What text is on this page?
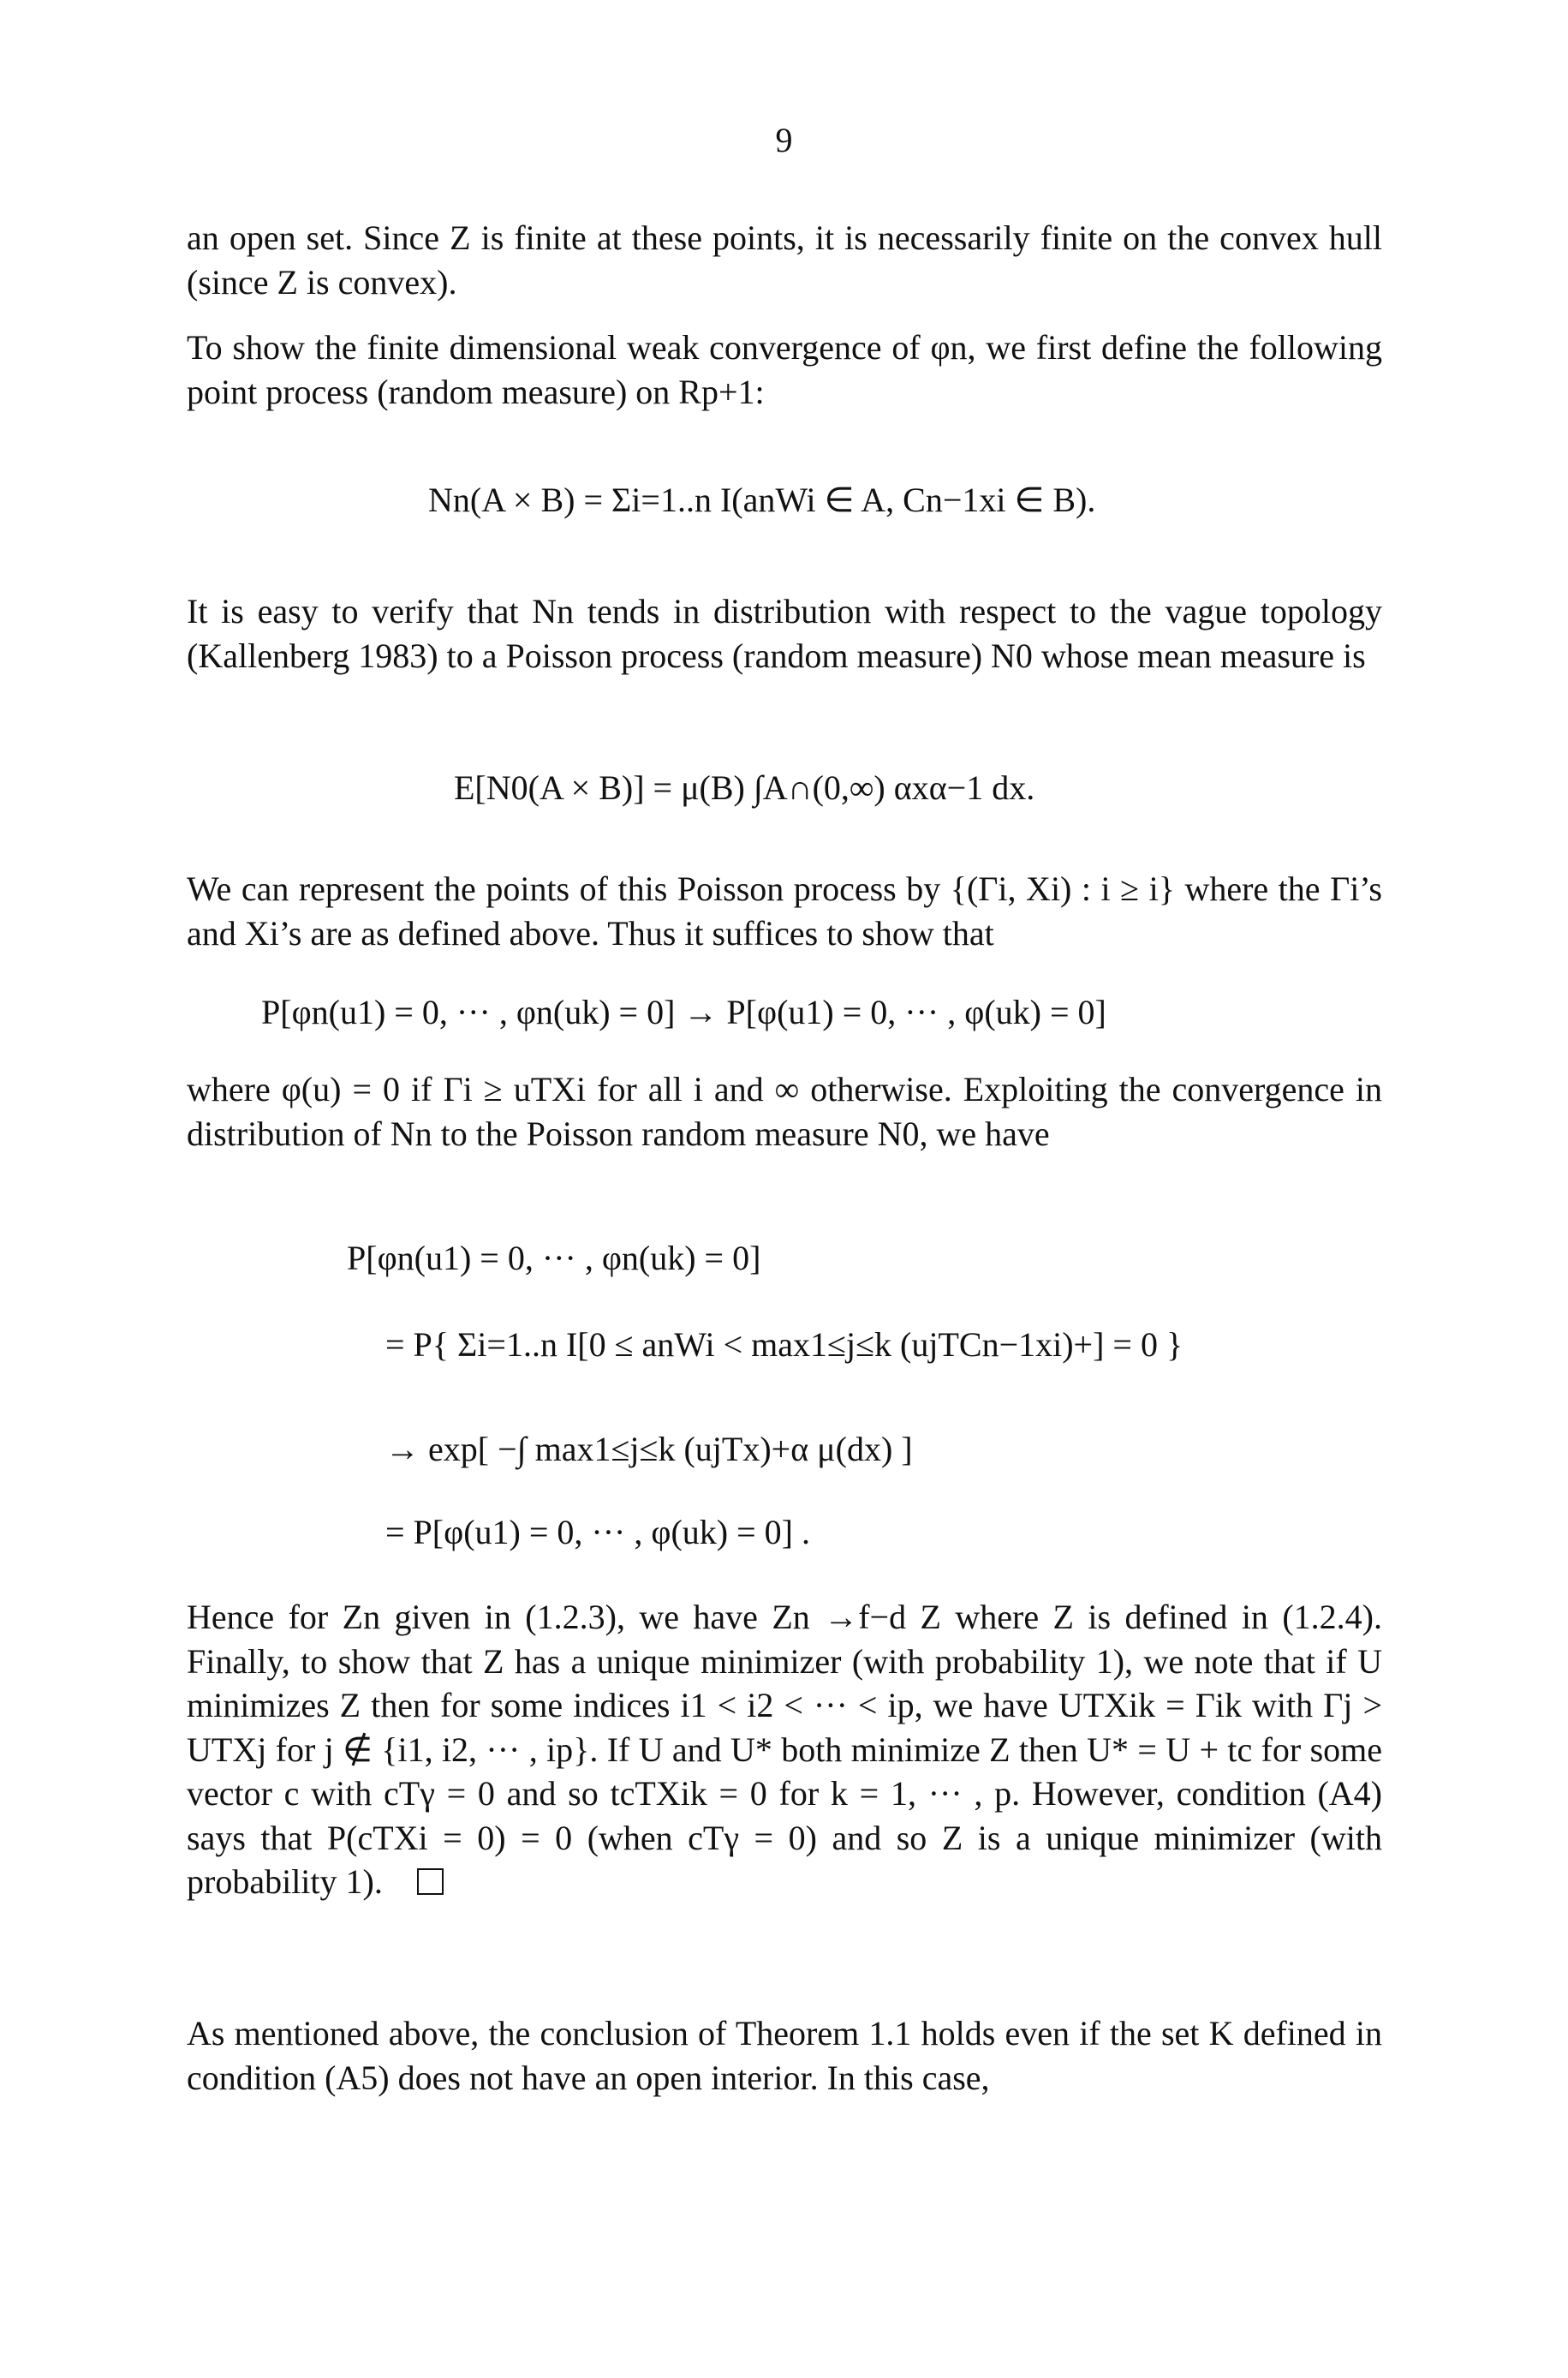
9
an open set. Since Z is finite at these points, it is necessarily finite on the convex hull (since Z is convex).
To show the finite dimensional weak convergence of φn, we first define the following point process (random measure) on Rp+1:
Nn(A × B) = Σi=1..n I(anWi ∈ A, Cn−1xi ∈ B).
It is easy to verify that Nn tends in distribution with respect to the vague topology (Kallenberg 1983) to a Poisson process (random measure) N0 whose mean measure is
E[N0(A × B)] = μ(B) ∫A∩(0,∞) αxα−1 dx.
We can represent the points of this Poisson process by {(Γi, Xi) : i ≥ i} where the Γi’s and Xi’s are as defined above. Thus it suffices to show that
P[φn(u1) = 0, ··· , φn(uk) = 0] → P[φ(u1) = 0, ··· , φ(uk) = 0]
where φ(u) = 0 if Γi ≥ uTXi for all i and ∞ otherwise. Exploiting the convergence in distribution of Nn to the Poisson random measure N0, we have
P[φn(u1) = 0, ··· , φn(uk) = 0]
= P{ Σi=1..n I[0 ≤ anWi < max1≤j≤k (ujTCn−1xi)+] = 0 }
→ exp[ −∫ max1≤j≤k (ujTx)+α μ(dx) ]
= P[φ(u1) = 0, ··· , φ(uk) = 0] .
Hence for Zn given in (1.2.3), we have Zn →f−d Z where Z is defined in (1.2.4). Finally, to show that Z has a unique minimizer (with probability 1), we note that if U minimizes Z then for some indices i1 < i2 < ··· < ip, we have UTXik = Γik with Γj > UTXj for j ∉ {i1, i2, ··· , ip}. If U and U* both minimize Z then U* = U + tc for some vector c with cTγ = 0 and so tcTXik = 0 for k = 1, ··· , p. However, condition (A4) says that P(cTXi = 0) = 0 (when cTγ = 0) and so Z is a unique minimizer (with probability 1).
As mentioned above, the conclusion of Theorem 1.1 holds even if the set K defined in condition (A5) does not have an open interior. In this case,
